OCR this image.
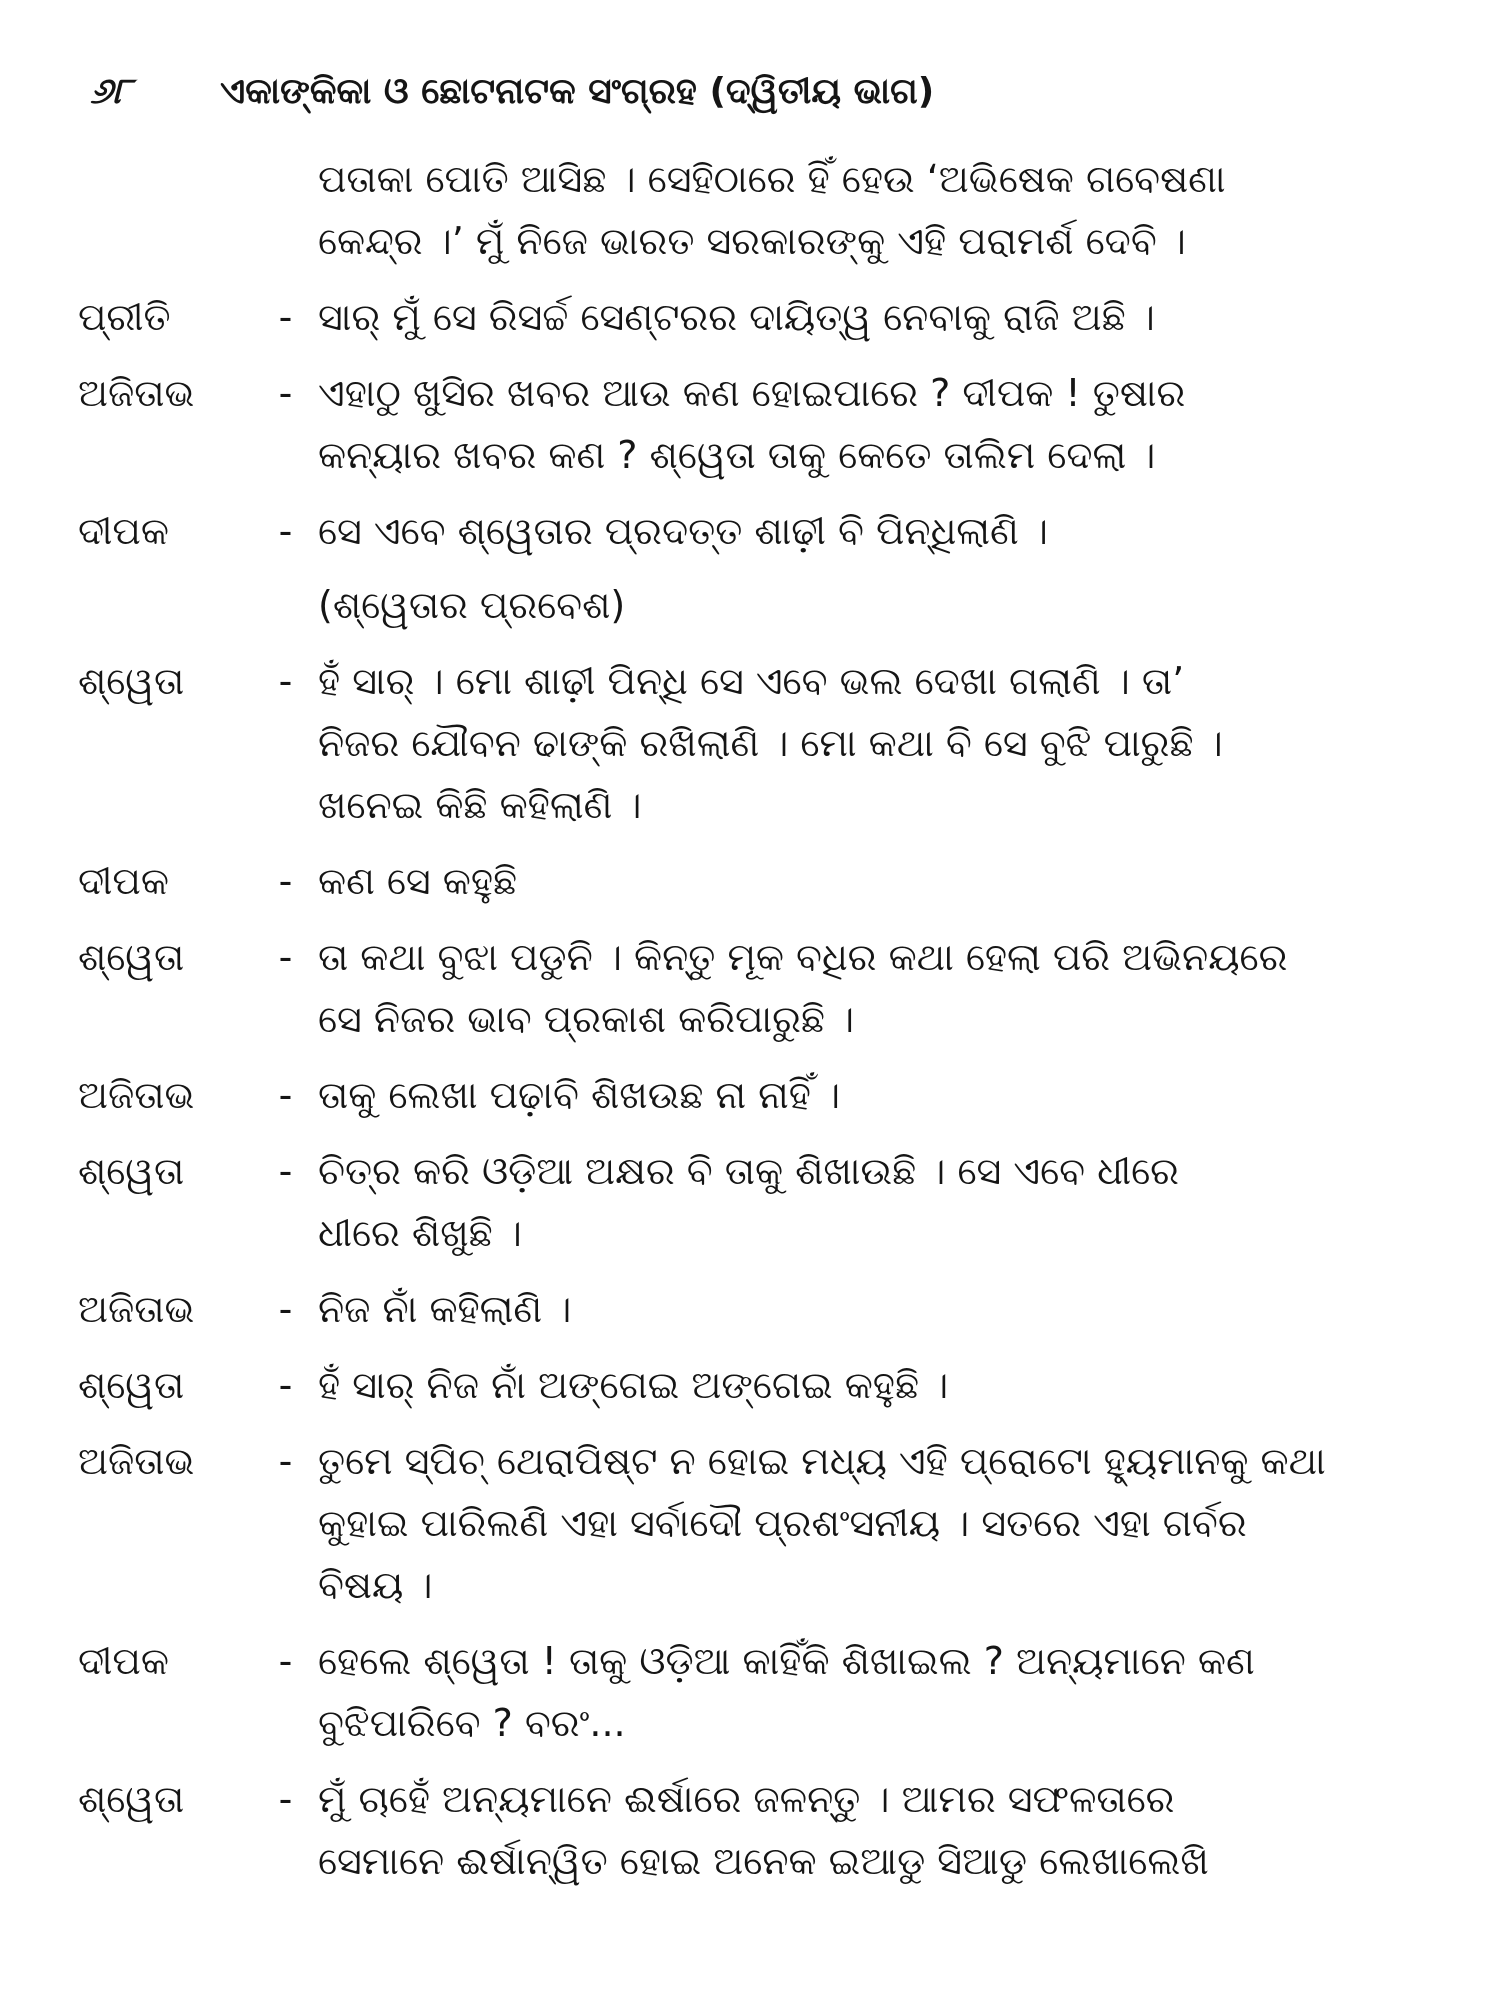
୬୮	ଏକାଙ୍କିକା ଓ ଛୋଟନାଟକ ସଂଗ୍ରହ (ଦ୍ୱିତୀୟ ଭାଗ)
ପତାକା ପୋତି ଆସିଛ । ସେହିଠାରେ ହିଁ ହେଉ ‘ଅଭିଷେକ ଗବେଷଣା
କେନ୍ଦ୍ର ।’ ମୁଁ ନିଜେ ଭାରତ ସରକାରଙ୍କୁ ଏହି ପରାମର୍ଶ ଦେବି ।
ପ୍ରୀତି	- ସାର୍ ମୁଁ ସେ ରିସର୍ଚ୍ଚ ସେଣ୍ଟରର ଦାୟିତ୍ୱ ନେବାକୁ ରାଜି ଅଛି ।
ଅଜିତାଭ	- ଏହାଠୁ ଖୁସିର ଖବର ଆଉ କଣ ହୋଇପାରେ ? ଦୀପକ ! ତୁଷାର
କନ୍ୟାର ଖବର କଣ ? ଶ୍ୱେତା ତାକୁ କେତେ ତାଲିମ ଦେଲା ।
ଦୀପକ	- ସେ ଏବେ ଶ୍ୱେତାର ପ୍ରଦତ୍ତ ଶାଢ଼ୀ ବି ପିନ୍ଧିଲାଣି ।
(ଶ୍ୱେତାର ପ୍ରବେଶ)
ଶ୍ୱେତା	- ହଁ ସାର୍ । ମୋ ଶାଢ଼ୀ ପିନ୍ଧି ସେ ଏବେ ଭଲ ଦେଖା ଗଲାଣି । ତା’
ନିଜର ଯୌବନ ଢାଙ୍କି ରଖିଲାଣି । ମୋ କଥା ବି ସେ ବୁଝି ପାରୁଛି ।
ଖନେଇ କିଛି କହିଲାଣି ।
ଦୀପକ	- କଣ ସେ କହୁଛି
ଶ୍ୱେତା	- ତା କଥା ବୁଝା ପଡୁନି । କିନ୍ତୁ ମୂକ ବଧିର କଥା ହେଲା ପରି ଅଭିନୟରେ
ସେ ନିଜର ଭାବ ପ୍ରକାଶ କରିପାରୁଛି ।
ଅଜିତାଭ	- ତାକୁ ଲେଖା ପଢ଼ାବି ଶିଖଉଛ ନା ନାହିଁ ।
ଶ୍ୱେତା	- ଚିତ୍ର କରି ଓଡ଼ିଆ ଅକ୍ଷର ବି ତାକୁ ଶିଖାଉଛି । ସେ ଏବେ ଧୀରେ
ଧୀରେ ଶିଖୁଛି ।
ଅଜିତାଭ	- ନିଜ ନାଁ କହିଲାଣି ।
ଶ୍ୱେତା	- ହଁ ସାର୍ ନିଜ ନାଁ ଅଙ୍ଗେଇ ଅଙ୍ଗେଇ କହୁଛି ।
ଅଜିତାଭ	- ତୁମେ ସ୍ପିଚ୍ ଥେରାପିଷ୍ଟ ନ ହୋଇ ମଧ୍ୟ ଏହି ପ୍ରୋଟୋ ହ୍ୟୁମାନକୁ କଥା
କୁହାଇ ପାରିଲଣି ଏହା ସର୍ବାଦୌ ପ୍ରଶଂସନୀୟ । ସତରେ ଏହା ଗର୍ବର
ବିଷୟ ।
ଦୀପକ	- ହେଲେ ଶ୍ୱେତା ! ତାକୁ ଓଡ଼ିଆ କାହିଁକି ଶିଖାଇଲ ? ଅନ୍ୟମାନେ କଣ
ବୁଝିପାରିବେ ? ବରଂ...
ଶ୍ୱେତା	- ମୁଁ ଚାହେଁ ଅନ୍ୟମାନେ ଈର୍ଷାରେ ଜଳନ୍ତୁ । ଆମର ସଫଳତାରେ
ସେମାନେ ଈର୍ଷାନ୍ୱିତ ହୋଇ ଅନେକ ଇଆଡୁ ସିଆଡୁ ଲେଖାଲେଖି
